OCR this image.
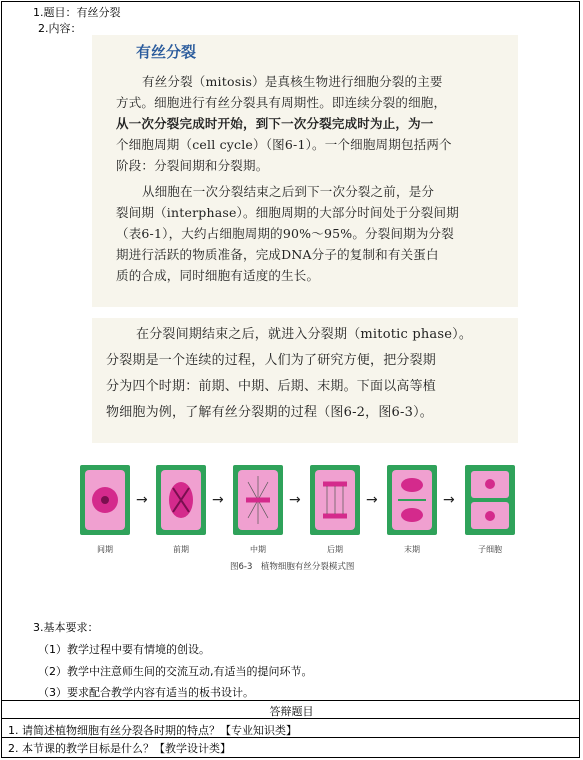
1.题目：有丝分裂
2.内容：
有丝分裂
有丝分裂（mitosis）是真核生物进行细胞分裂的主要
方式。细胞进行有丝分裂具有周期性。即连续分裂的细胞，
从一次分裂完成时开始，到下一次分裂完成时为止，为一
个细胞周期（cell cycle）（图6-1）。一个细胞周期包括两个
阶段：分裂间期和分裂期。
从细胞在一次分裂结束之后到下一次分裂之前，是分
裂间期（interphase）。细胞周期的大部分时间处于分裂间期
（表6-1），大约占细胞周期的90%～95%。分裂间期为分裂
期进行活跃的物质准备，完成DNA分子的复制和有关蛋白
质的合成，同时细胞有适度的生长。
在分裂间期结束之后，就进入分裂期（mitotic phase）。
分裂期是一个连续的过程，人们为了研究方便，把分裂期
分为四个时期：前期、中期、后期、末期。下面以高等植
物细胞为例，了解有丝分裂期的过程（图6-2，图6-3）。
→	→	→	→	→
间期	前期	中期	后期	末期	子细胞
图6-3　植物细胞有丝分裂模式图
3.基本要求：
（1）教学过程中要有情境的创设。
（2）教学中注意师生间的交流互动,有适当的提问环节。
（3）要求配合教学内容有适当的板书设计。
答辩题目
1. 请简述植物细胞有丝分裂各时期的特点？【专业知识类】
2. 本节课的教学目标是什么？【教学设计类】
